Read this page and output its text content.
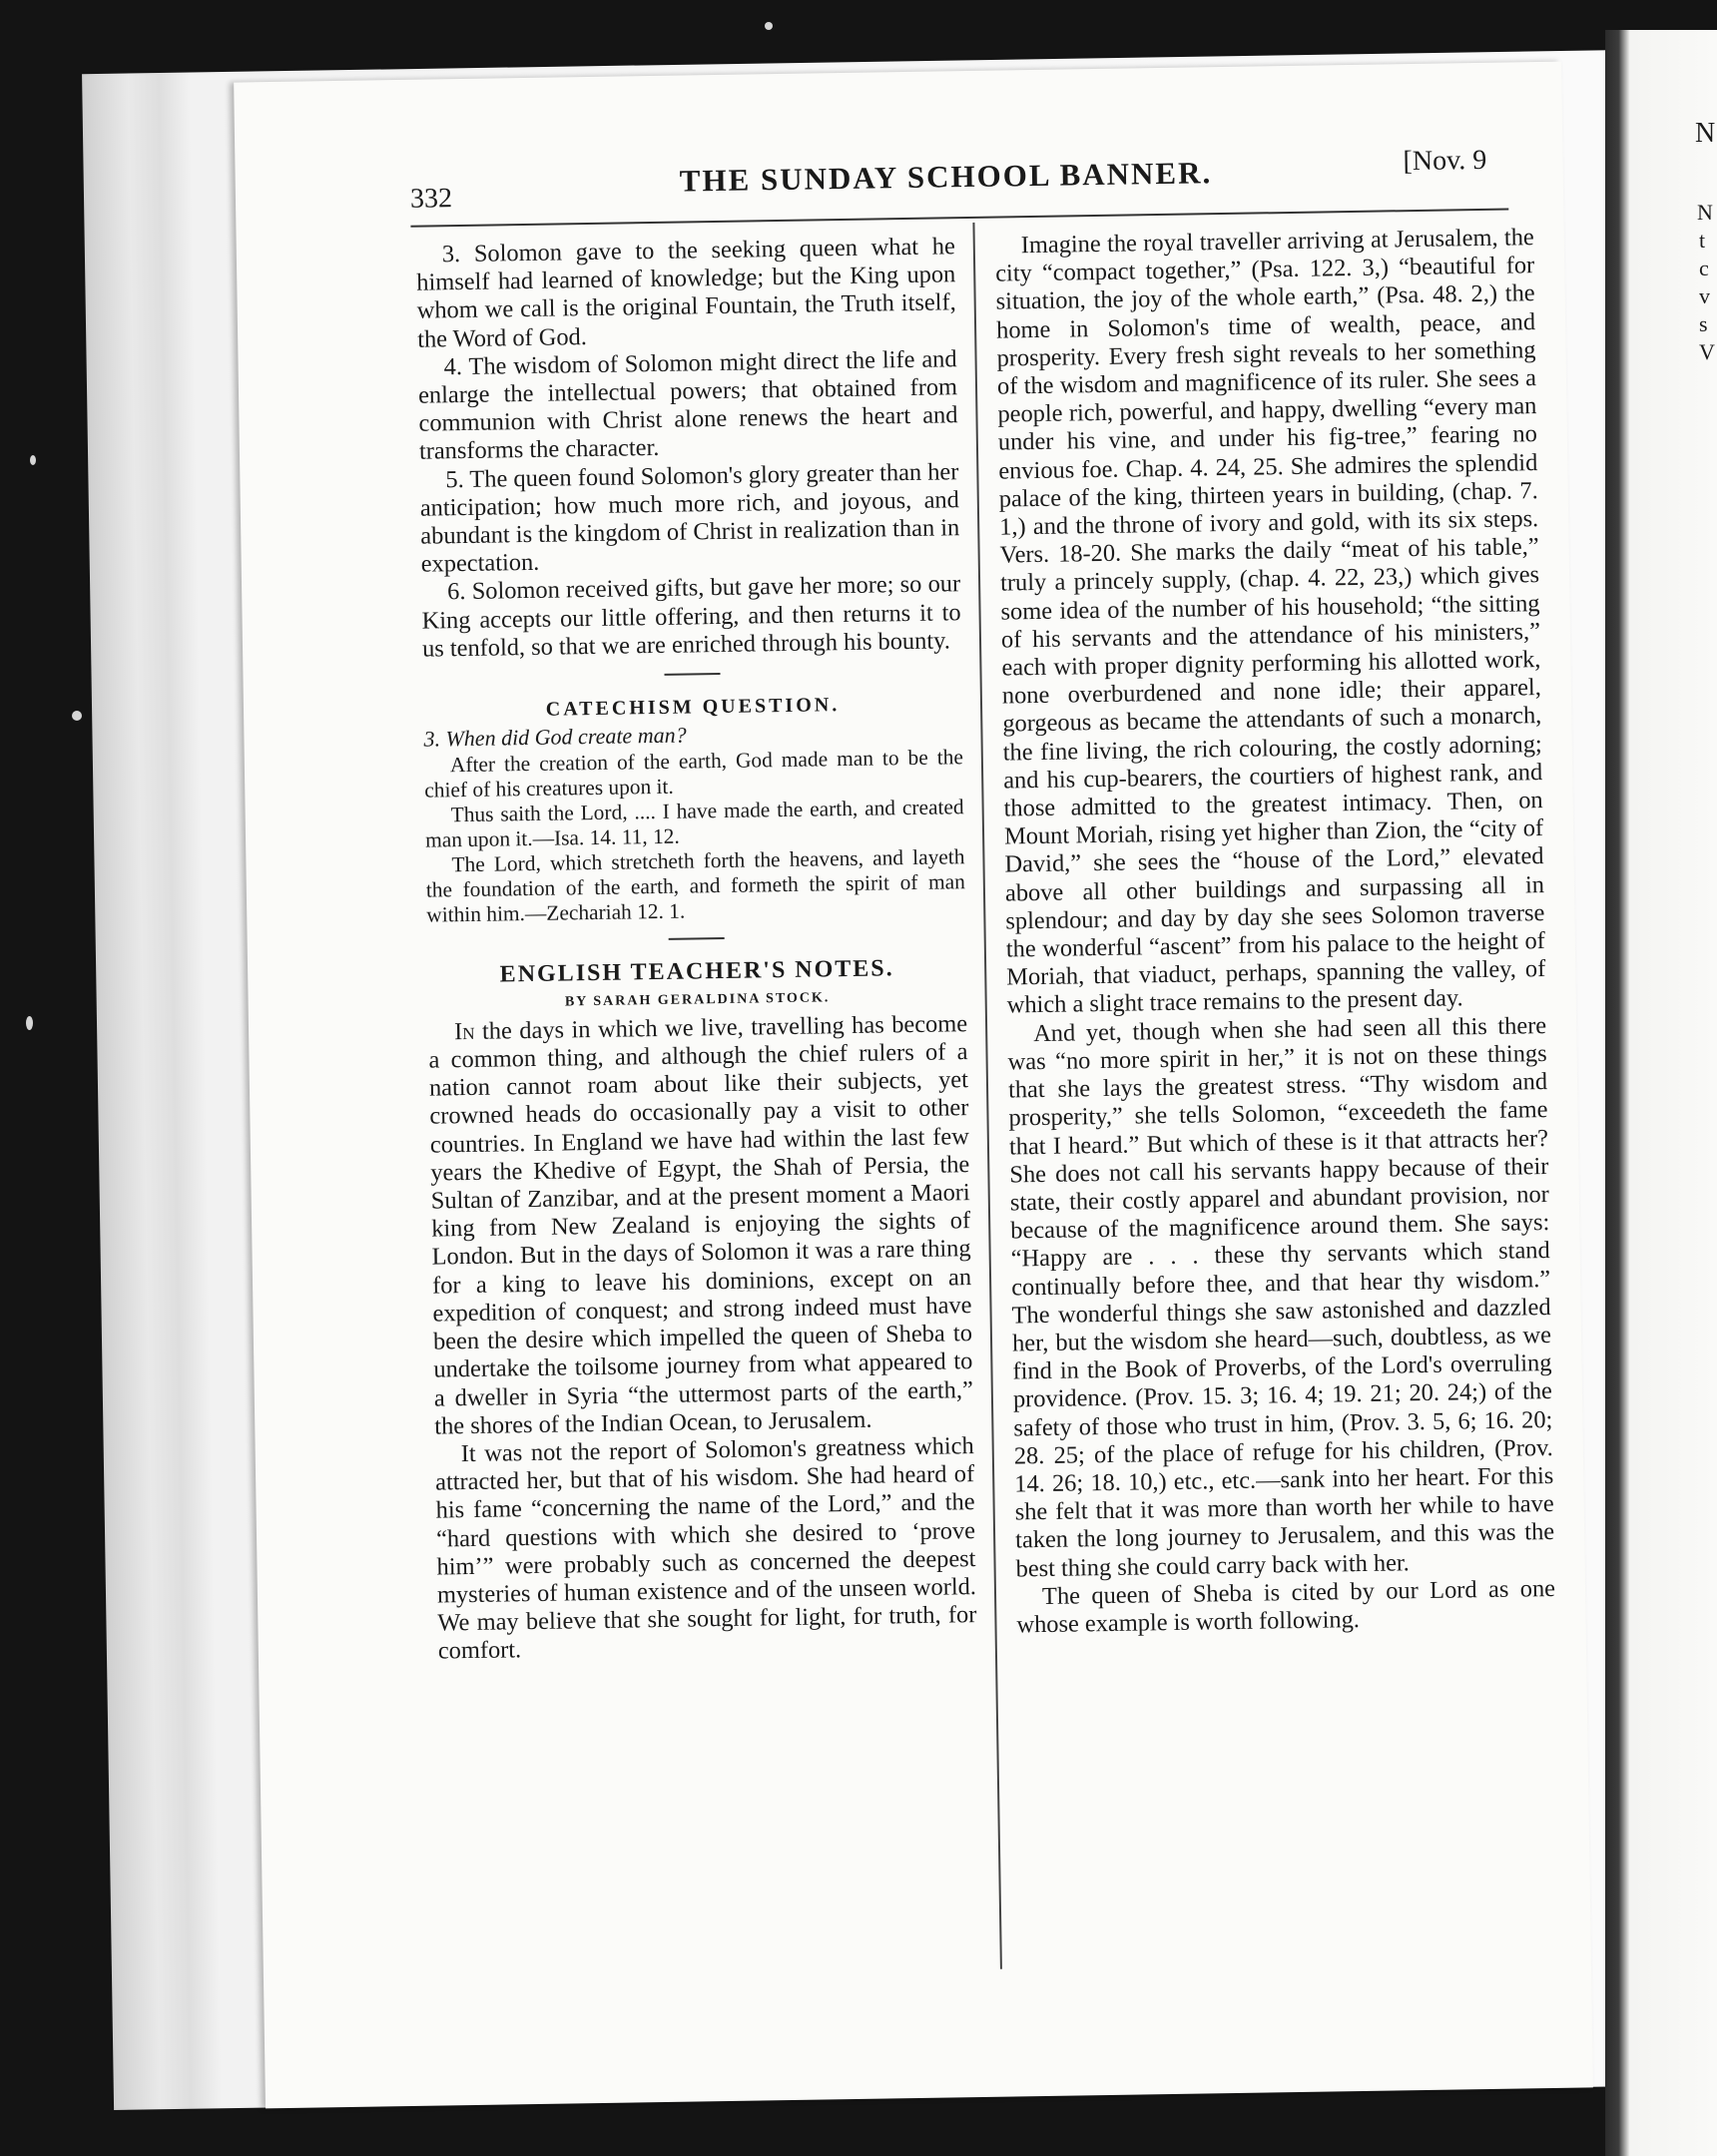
N
N
t
c
v
s
V
332
THE SUNDAY SCHOOL BANNER.	[Nov. 9

3. Solomon gave to the seeking queen what he himself had learned of knowledge; but the King upon whom we call is the original Fountain, the Truth itself, the Word of God.

4. The wisdom of Solomon might direct the life and enlarge the intellectual powers; that obtained from communion with Christ alone renews the heart and transforms the character.

5. The queen found Solomon's glory greater than her anticipation; how much more rich, and joyous, and abundant is the kingdom of Christ in realization than in expectation.

6. Solomon received gifts, but gave her more; so our King accepts our little offering, and then returns it to us tenfold, so that we are enriched through his bounty.

CATECHISM QUESTION.

3. When did God create man?

After the creation of the earth, God made man to be the chief of his creatures upon it.

Thus saith the Lord, .... I have made the earth, and created man upon it.—Isa. 14. 11, 12.

The Lord, which stretcheth forth the heavens, and layeth the foundation of the earth, and formeth the spirit of man within him.—Zechariah 12. 1.

ENGLISH TEACHER'S NOTES.

BY SARAH GERALDINA STOCK.

In the days in which we live, travelling has become a common thing, and although the chief rulers of a nation cannot roam about like their subjects, yet crowned heads do occasionally pay a visit to other countries. In England we have had within the last few years the Khedive of Egypt, the Shah of Persia, the Sultan of Zanzibar, and at the present moment a Maori king from New Zealand is enjoying the sights of London. But in the days of Solomon it was a rare thing for a king to leave his dominions, except on an expedition of conquest; and strong indeed must have been the desire which impelled the queen of Sheba to undertake the toilsome journey from what appeared to a dweller in Syria “the uttermost parts of the earth,” the shores of the Indian Ocean, to Jerusalem.

It was not the report of Solomon's greatness which attracted her, but that of his wisdom. She had heard of his fame “concerning the name of the Lord,” and the “hard questions with which she desired to ‘prove him’” were probably such as concerned the deepest mysteries of human existence and of the unseen world. We may believe that she sought for light, for truth, for comfort.

Imagine the royal traveller arriving at Jerusalem, the city “compact together,” (Psa. 122. 3,) “beautiful for situation, the joy of the whole earth,” (Psa. 48. 2,) the home in Solomon's time of wealth, peace, and prosperity. Every fresh sight reveals to her something of the wisdom and magnificence of its ruler. She sees a people rich, powerful, and happy, dwelling “every man under his vine, and under his fig-tree,” fearing no envious foe. Chap. 4. 24, 25. She admires the splendid palace of the king, thirteen years in building, (chap. 7. 1,) and the throne of ivory and gold, with its six steps. Vers. 18-20. She marks the daily “meat of his table,” truly a princely supply, (chap. 4. 22, 23,) which gives some idea of the number of his household; “the sitting of his servants and the attendance of his ministers,” each with proper dignity performing his allotted work, none overburdened and none idle; their apparel, gorgeous as became the attendants of such a monarch, the fine living, the rich colouring, the costly adorning; and his cup-bearers, the courtiers of highest rank, and those admitted to the greatest intimacy. Then, on Mount Moriah, rising yet higher than Zion, the “city of David,” she sees the “house of the Lord,” elevated above all other buildings and surpassing all in splendour; and day by day she sees Solomon traverse the wonderful “ascent” from his palace to the height of Moriah, that viaduct, perhaps, spanning the valley, of which a slight trace remains to the present day.

And yet, though when she had seen all this there was “no more spirit in her,” it is not on these things that she lays the greatest stress. “Thy wisdom and prosperity,” she tells Solomon, “exceedeth the fame that I heard.” But which of these is it that attracts her? She does not call his servants happy because of their state, their costly apparel and abundant provision, nor because of the magnificence around them. She says: “Happy are . . . these thy servants which stand continually before thee, and that hear thy wisdom.” The wonderful things she saw astonished and dazzled her, but the wisdom she heard—such, doubtless, as we find in the Book of Proverbs, of the Lord's overruling providence. (Prov. 15. 3; 16. 4; 19. 21; 20. 24;) of the safety of those who trust in him, (Prov. 3. 5, 6; 16. 20; 28. 25; of the place of refuge for his children, (Prov. 14. 26; 18. 10,) etc., etc.—sank into her heart. For this she felt that it was more than worth her while to have taken the long journey to Jerusalem, and this was the best thing she could carry back with her.

The queen of Sheba is cited by our Lord as one whose example is worth following.
